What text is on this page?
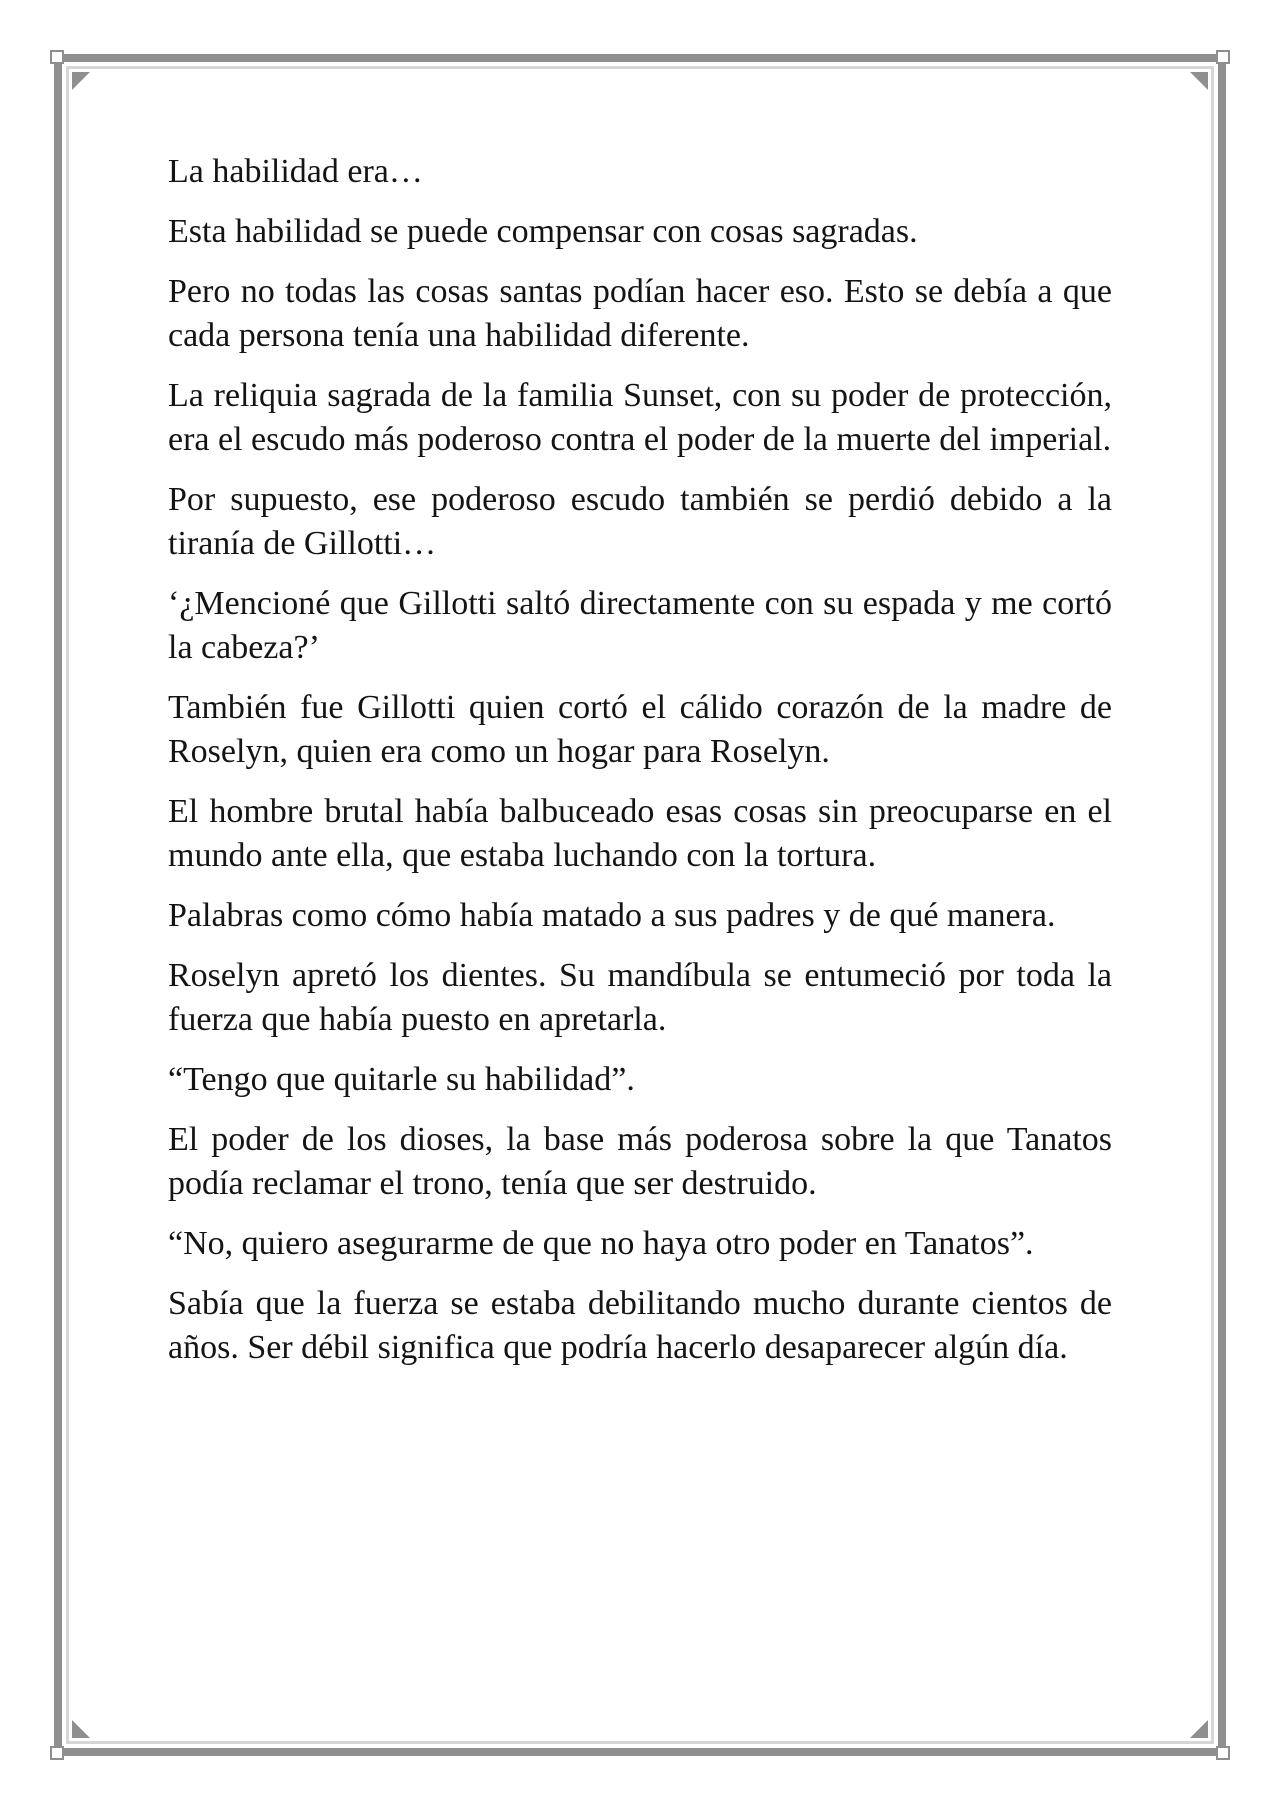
La habilidad era…

Esta habilidad se puede compensar con cosas sagradas.

Pero no todas las cosas santas podían hacer eso. Esto se debía a que cada persona tenía una habilidad diferente.

La reliquia sagrada de la familia Sunset, con su poder de protección, era el escudo más poderoso contra el poder de la muerte del imperial.

Por supuesto, ese poderoso escudo también se perdió debido a la tiranía de Gillotti…

‘¿Mencioné que Gillotti saltó directamente con su espada y me cortó la cabeza?’

También fue Gillotti quien cortó el cálido corazón de la madre de Roselyn, quien era como un hogar para Roselyn.

El hombre brutal había balbuceado esas cosas sin preocuparse en el mundo ante ella, que estaba luchando con la tortura.

Palabras como cómo había matado a sus padres y de qué manera.

Roselyn apretó los dientes. Su mandíbula se entumeció por toda la fuerza que había puesto en apretarla.

“Tengo que quitarle su habilidad”.

El poder de los dioses, la base más poderosa sobre la que Tanatos podía reclamar el trono, tenía que ser destruido.

“No, quiero asegurarme de que no haya otro poder en Tanatos”.

Sabía que la fuerza se estaba debilitando mucho durante cientos de años. Ser débil significa que podría hacerlo desaparecer algún día.
